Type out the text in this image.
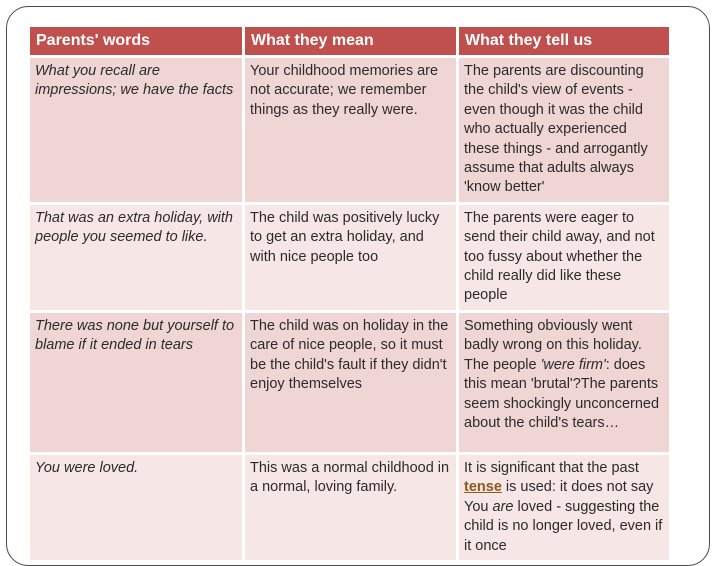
Parents' words	What they mean	What they tell us
What you recall are impressions; we have the facts	Your childhood memories are not accurate; we remember things as they really were.	The parents are discounting the child's view of events - even though it was the child who actually experienced these things - and arrogantly assume that adults always 'know better'
That was an extra holiday, with people you seemed to like.	The child was positively lucky to get an extra holiday, and with nice people too	The parents were eager to send their child away, and not too fussy about whether the child really did like these people
There was none but yourself to blame if it ended in tears	The child was on holiday in the care of nice people, so it must be the child's fault if they didn't enjoy themselves	Something obviously went badly wrong on this holiday. The people 'were firm': does this mean 'brutal'?The parents seem shockingly unconcerned about the child's tears…
You were loved.	This was a normal childhood in a normal, loving family.	It is significant that the past tense is used: it does not say You are loved - suggesting the child is no longer loved, even if it once
